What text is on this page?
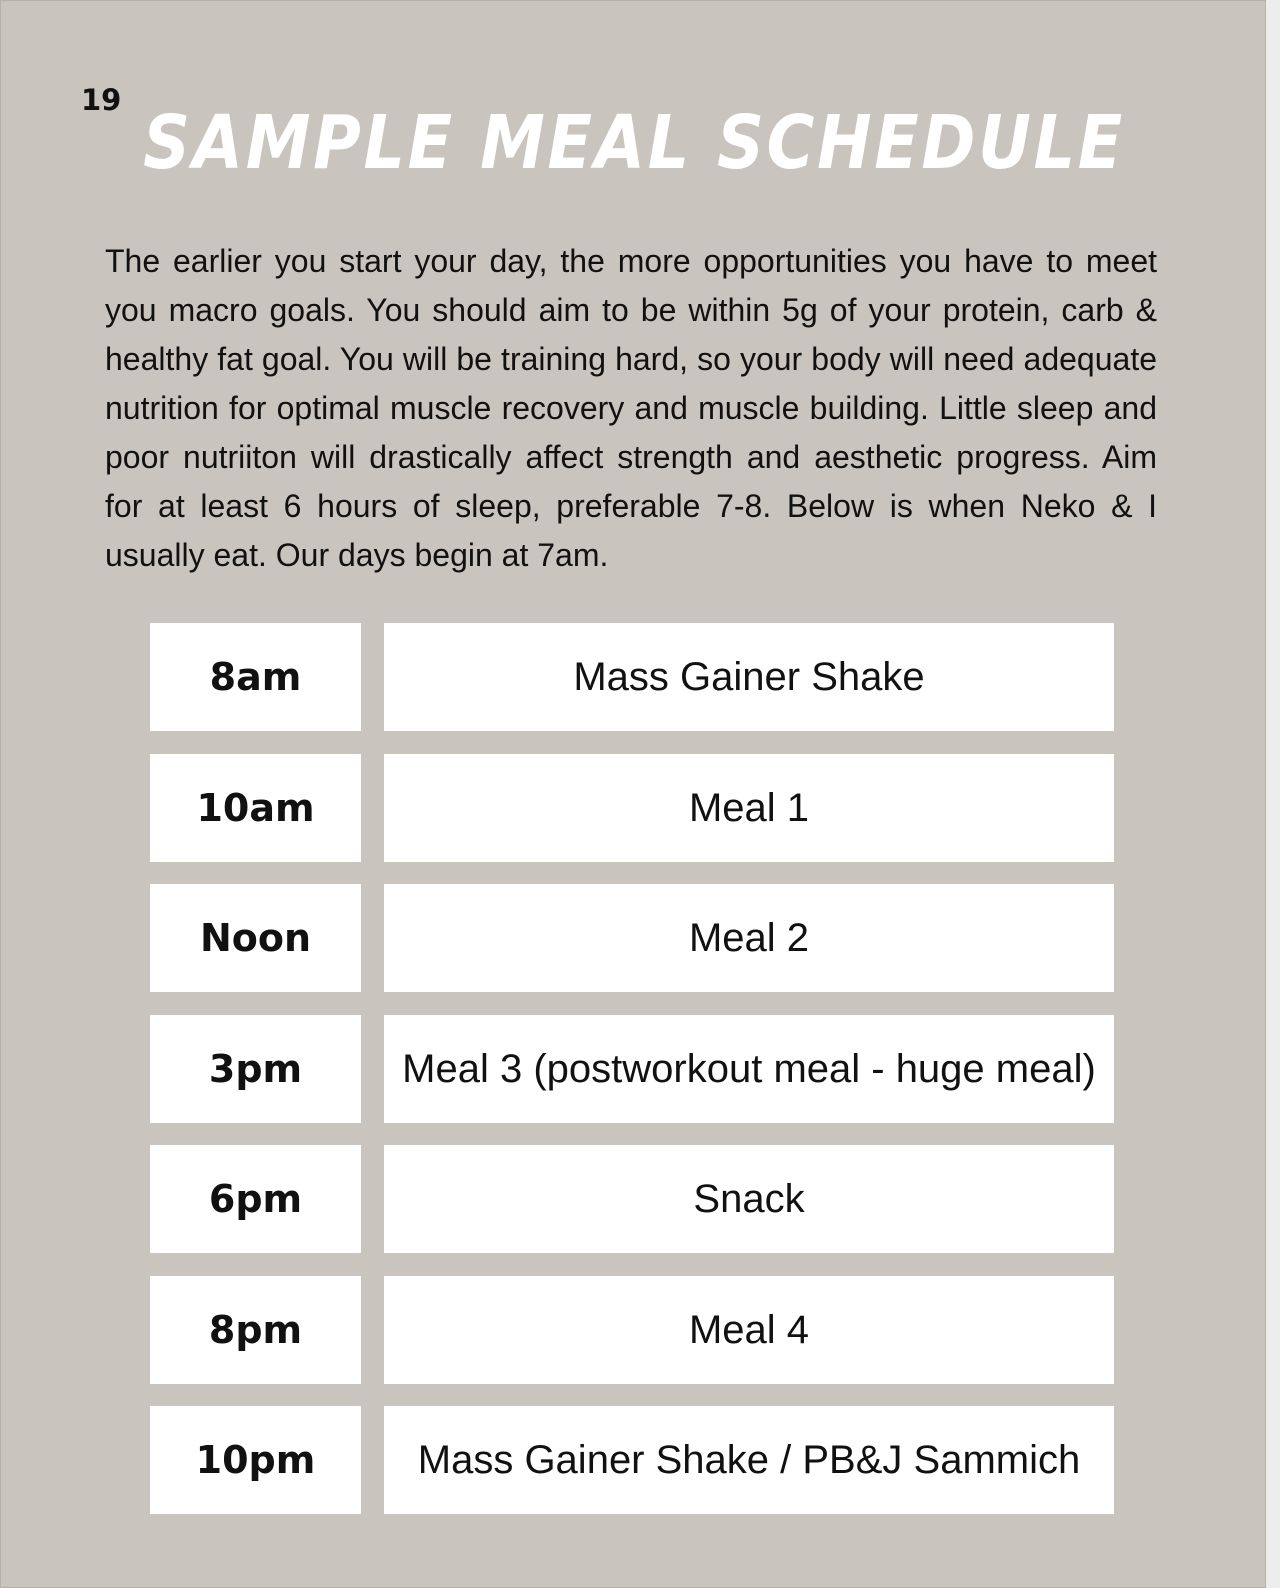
19 SAMPLE MEAL SCHEDULE

The earlier you start your day, the more opportunities you have to meet you macro goals. You should aim to be within 5g of your protein, carb & healthy fat goal. You will be training hard, so your body will need adequate nutrition for optimal muscle recovery and muscle building. Little sleep and poor nutriiton will drastically affect strength and aesthetic progress. Aim for at least 6 hours of sleep, preferable 7-8. Below is when Neko & I usually eat. Our days begin at 7am.

8am	Mass Gainer Shake
10am	Meal 1
Noon	Meal 2
3pm	Meal 3 (postworkout meal - huge meal)
6pm	Snack
8pm	Meal 4
10pm	Mass Gainer Shake / PB&J Sammich
